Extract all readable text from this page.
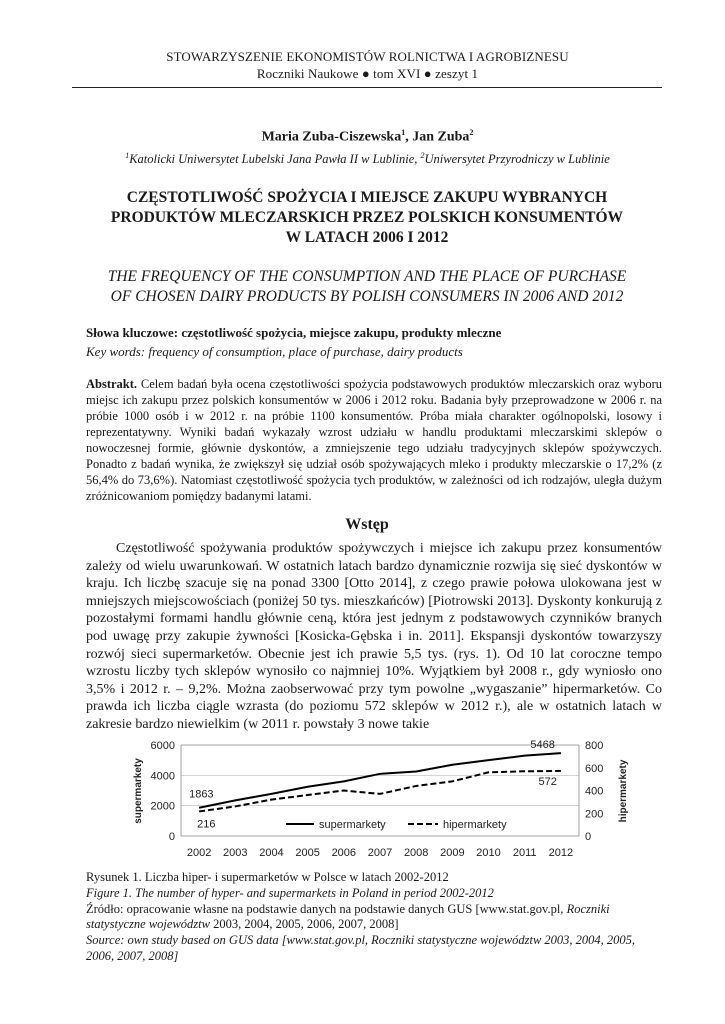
STOWARZYSZENIE EKONOMISTÓW ROLNICTWA I AGROBIZNESU
Roczniki Naukowe ● tom XVI ● zeszyt 1
Maria Zuba-Ciszewska$^1$, Jan Zuba$^2$
$^1$Katolicki Uniwersytet Lubelski Jana Pawła II w Lublinie, $^2$Uniwersytet Przyrodniczy w Lublinie
CZĘSTOTLIWOŚĆ SPOŻYCIA I MIEJSCE ZAKUPU WYBRANYCH
PRODUKTÓW MLECZARSKICH PRZEZ POLSKICH KONSUMENTÓW
W LATACH 2006 I 2012
THE FREQUENCY OF THE CONSUMPTION AND THE PLACE OF PURCHASE
OF CHOSEN DAIRY PRODUCTS BY POLISH CONSUMERS IN 2006 AND 2012
Słowa kluczowe: częstotliwość spożycia, miejsce zakupu, produkty mleczne
Key words: frequency of consumption, place of purchase, dairy products
Abstrakt. Celem badań była ocena częstotliwości spożycia podstawowych produktów mleczarskich oraz wyboru miejsc ich zakupu przez polskich konsumentów w 2006 i 2012 roku. Badania były przeprowadzone w 2006 r. na próbie 1000 osób i w 2012 r. na próbie 1100 konsumentów. Próba miała charakter ogólnopolski, losowy i reprezentatywny. Wyniki badań wykazały wzrost udziału w handlu produktami mleczarskimi sklepów o nowoczesnej formie, głównie dyskontów, a zmniejszenie tego udziału tradycyjnych sklepów spożywczych. Ponadto z badań wynika, że zwiększył się udział osób spożywających mleko i produkty mleczarskie o 17,2% (z 56,4% do 73,6%). Natomiast częstotliwość spożycia tych produktów, w zależności od ich rodzajów, uległa dużym zróżnicowaniom pomiędzy badanymi latami.
Wstęp
Częstotliwość spożywania produktów spożywczych i miejsce ich zakupu przez konsumentów zależy od wielu uwarunkowań. W ostatnich latach bardzo dynamicznie rozwija się sieć dyskontów w kraju. Ich liczbę szacuje się na ponad 3300 [Otto 2014], z czego prawie połowa ulokowana jest w mniejszych miejscowościach (poniżej 50 tys. mieszkańców) [Piotrowski 2013]. Dyskonty konkurują z pozostałymi formami handlu głównie ceną, która jest jednym z podstawowych czynników branych pod uwagę przy zakupie żywności [Kosicka-Gębska i in. 2011]. Ekspansji dyskontów towarzyszy rozwój sieci supermarketów. Obecnie jest ich prawie 5,5 tys. (rys. 1). Od 10 lat coroczne tempo wzrostu liczby tych sklepów wynosiło co najmniej 10%. Wyjątkiem był 2008 r., gdy wyniosło ono 3,5% i 2012 r. – 9,2%. Można zaobserwować przy tym powolne „wygaszanie” hipermarketów. Co prawda ich liczba ciągle wzrasta (do poziomu 572 sklepów w 2012 r.), ale w ostatnich latach w zakresie bardzo niewielkim (w 2011 r. powstały 3 nowe takie
0
2000
4000
6000
0
200
400
600
800
2002 2003 2004 2005 2006 2007 2008 2009 2010 2011 2012
supermarkety	hipermarkety
1863
5468
216
572
supermarkety	hipermarkety
Rysunek 1. Liczba hiper- i supermarketów w Polsce w latach 2002-2012
Figure 1. The number of hyper- and supermarkets in Poland in period 2002-2012
Źródło: opracowanie własne na podstawie danych na podstawie danych GUS [www.stat.gov.pl, Roczniki statystyczne województw 2003, 2004, 2005, 2006, 2007, 2008]
Source: own study based on GUS data [www.stat.gov.pl, Roczniki statystyczne województw 2003, 2004, 2005, 2006, 2007, 2008]
